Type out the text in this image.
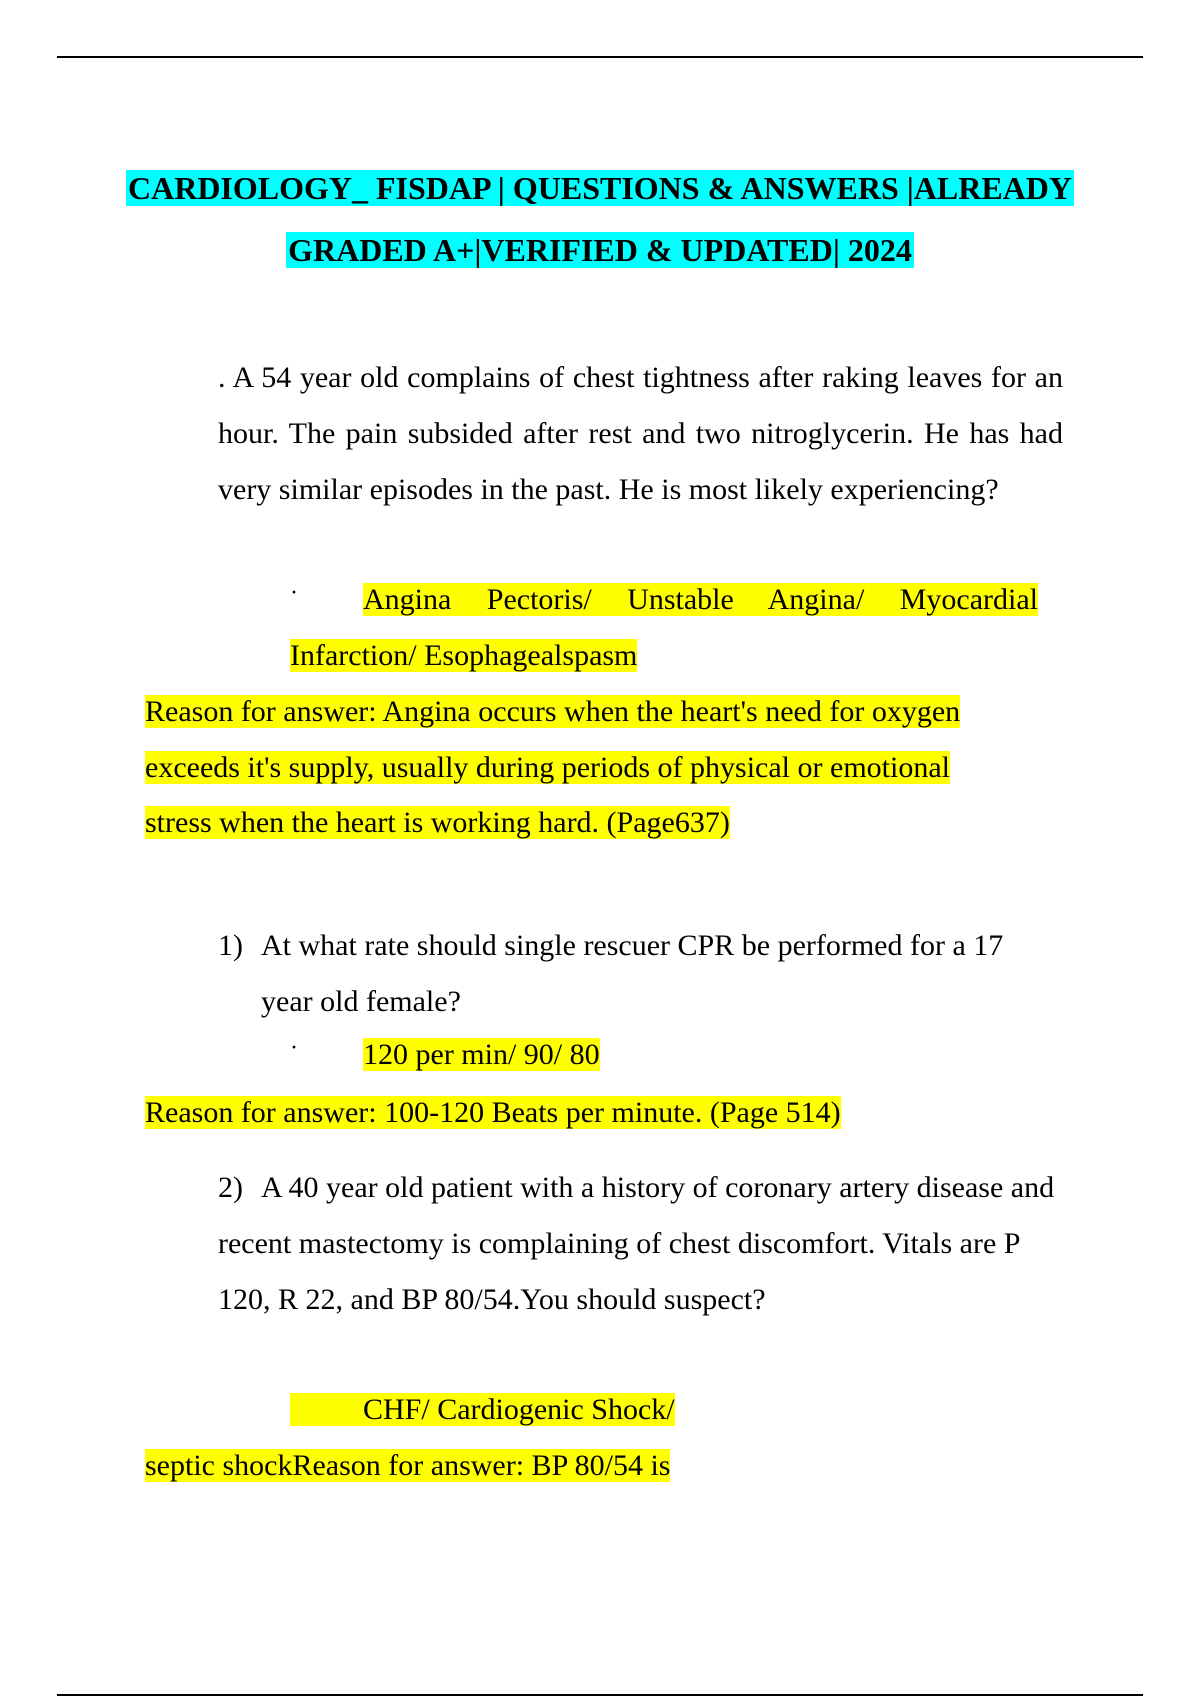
CARDIOLOGY_ FISDAP | QUESTIONS & ANSWERS |ALREADY
GRADED A+|VERIFIED & UPDATED| 2024
. A 54 year old complains of chest tightness after raking leaves for an hour. The pain subsided after rest and two nitroglycerin. He has had very similar episodes in the past. He is most likely experiencing?
· Angina Pectoris/ Unstable Angina/ Myocardial
Infarction/ Esophagealspasm
Reason for answer: Angina occurs when the heart's need for oxygen
exceeds it's supply, usually during periods of physical or emotional
stress when the heart is working hard. (Page637)
1) At what rate should single rescuer CPR be performed for a 17 year old female?
· 120 per min/ 90/ 80
Reason for answer: 100-120 Beats per minute. (Page 514)
2) A 40 year old patient with a history of coronary artery disease and recent mastectomy is complaining of chest discomfort. Vitals are P 120, R 22, and BP 80/54.You should suspect?
CHF/ Cardiogenic Shock/
septic shockReason for answer: BP 80/54 is
